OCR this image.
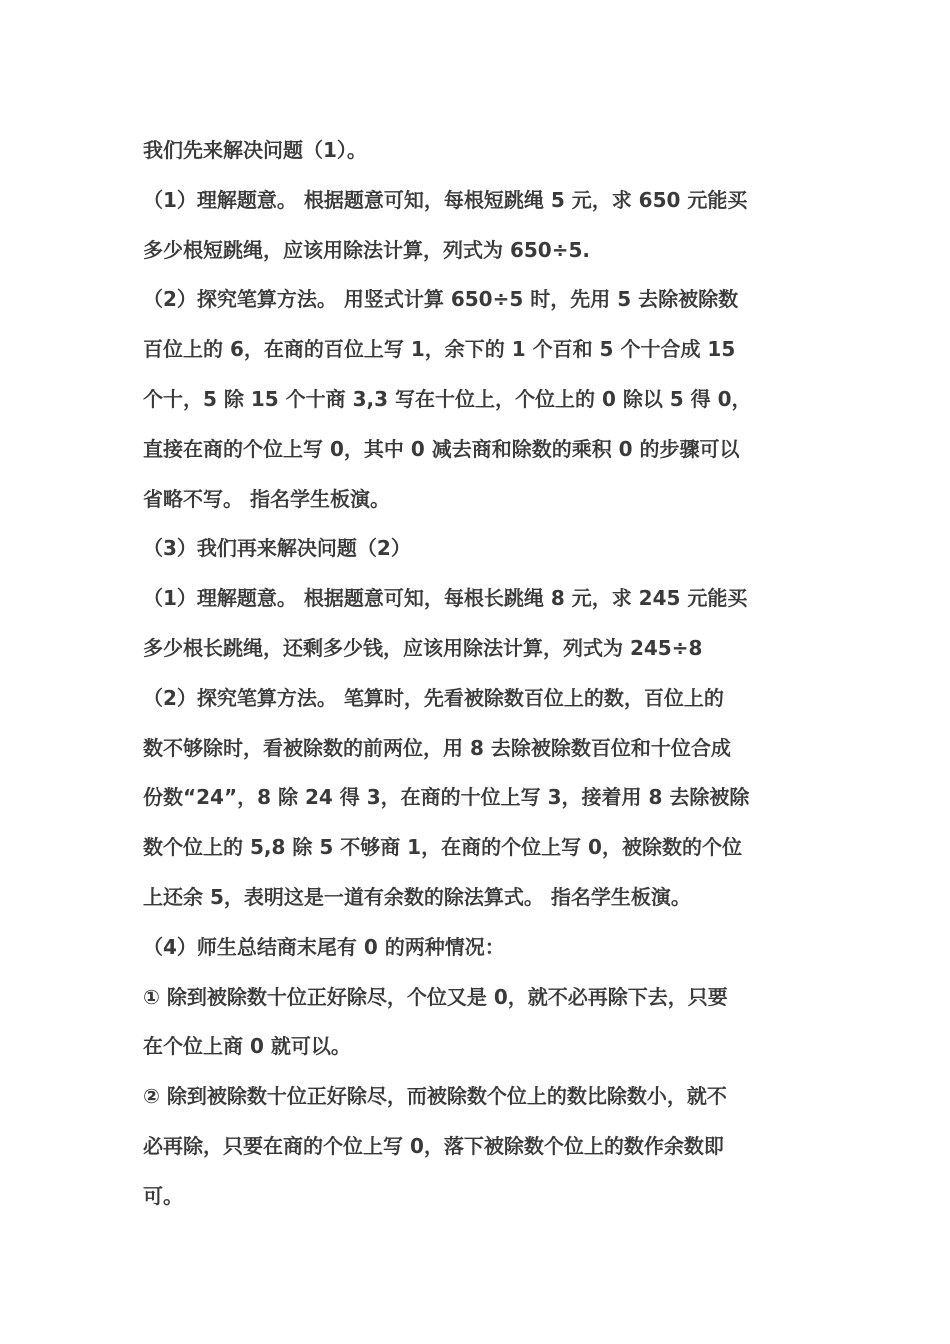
我们先来解决问题（1）。
（1）理解题意。 根据题意可知，每根短跳绳 5 元，求 650 元能买
多少根短跳绳，应该用除法计算，列式为 650÷5.
（2）探究笔算方法。 用竖式计算 650÷5 时，先用 5 去除被除数
百位上的 6，在商的百位上写 1，余下的 1 个百和 5 个十合成 15
个十，5 除 15 个十商 3,3 写在十位上，个位上的 0 除以 5 得 0，
直接在商的个位上写 0，其中 0 减去商和除数的乘积 0 的步骤可以
省略不写。 指名学生板演。
（3）我们再来解决问题（2）
（1）理解题意。 根据题意可知，每根长跳绳 8 元，求 245 元能买
多少根长跳绳，还剩多少钱，应该用除法计算，列式为 245÷8
（2）探究笔算方法。 笔算时，先看被除数百位上的数，百位上的
数不够除时，看被除数的前两位，用 8 去除被除数百位和十位合成
份数“24”，8 除 24 得 3，在商的十位上写 3，接着用 8 去除被除
数个位上的 5,8 除 5 不够商 1，在商的个位上写 0，被除数的个位
上还余 5，表明这是一道有余数的除法算式。 指名学生板演。
（4）师生总结商末尾有 0 的两种情况：
① 除到被除数十位正好除尽，个位又是 0，就不必再除下去，只要
在个位上商 0 就可以。
② 除到被除数十位正好除尽，而被除数个位上的数比除数小，就不
必再除，只要在商的个位上写 0，落下被除数个位上的数作余数即
可。
